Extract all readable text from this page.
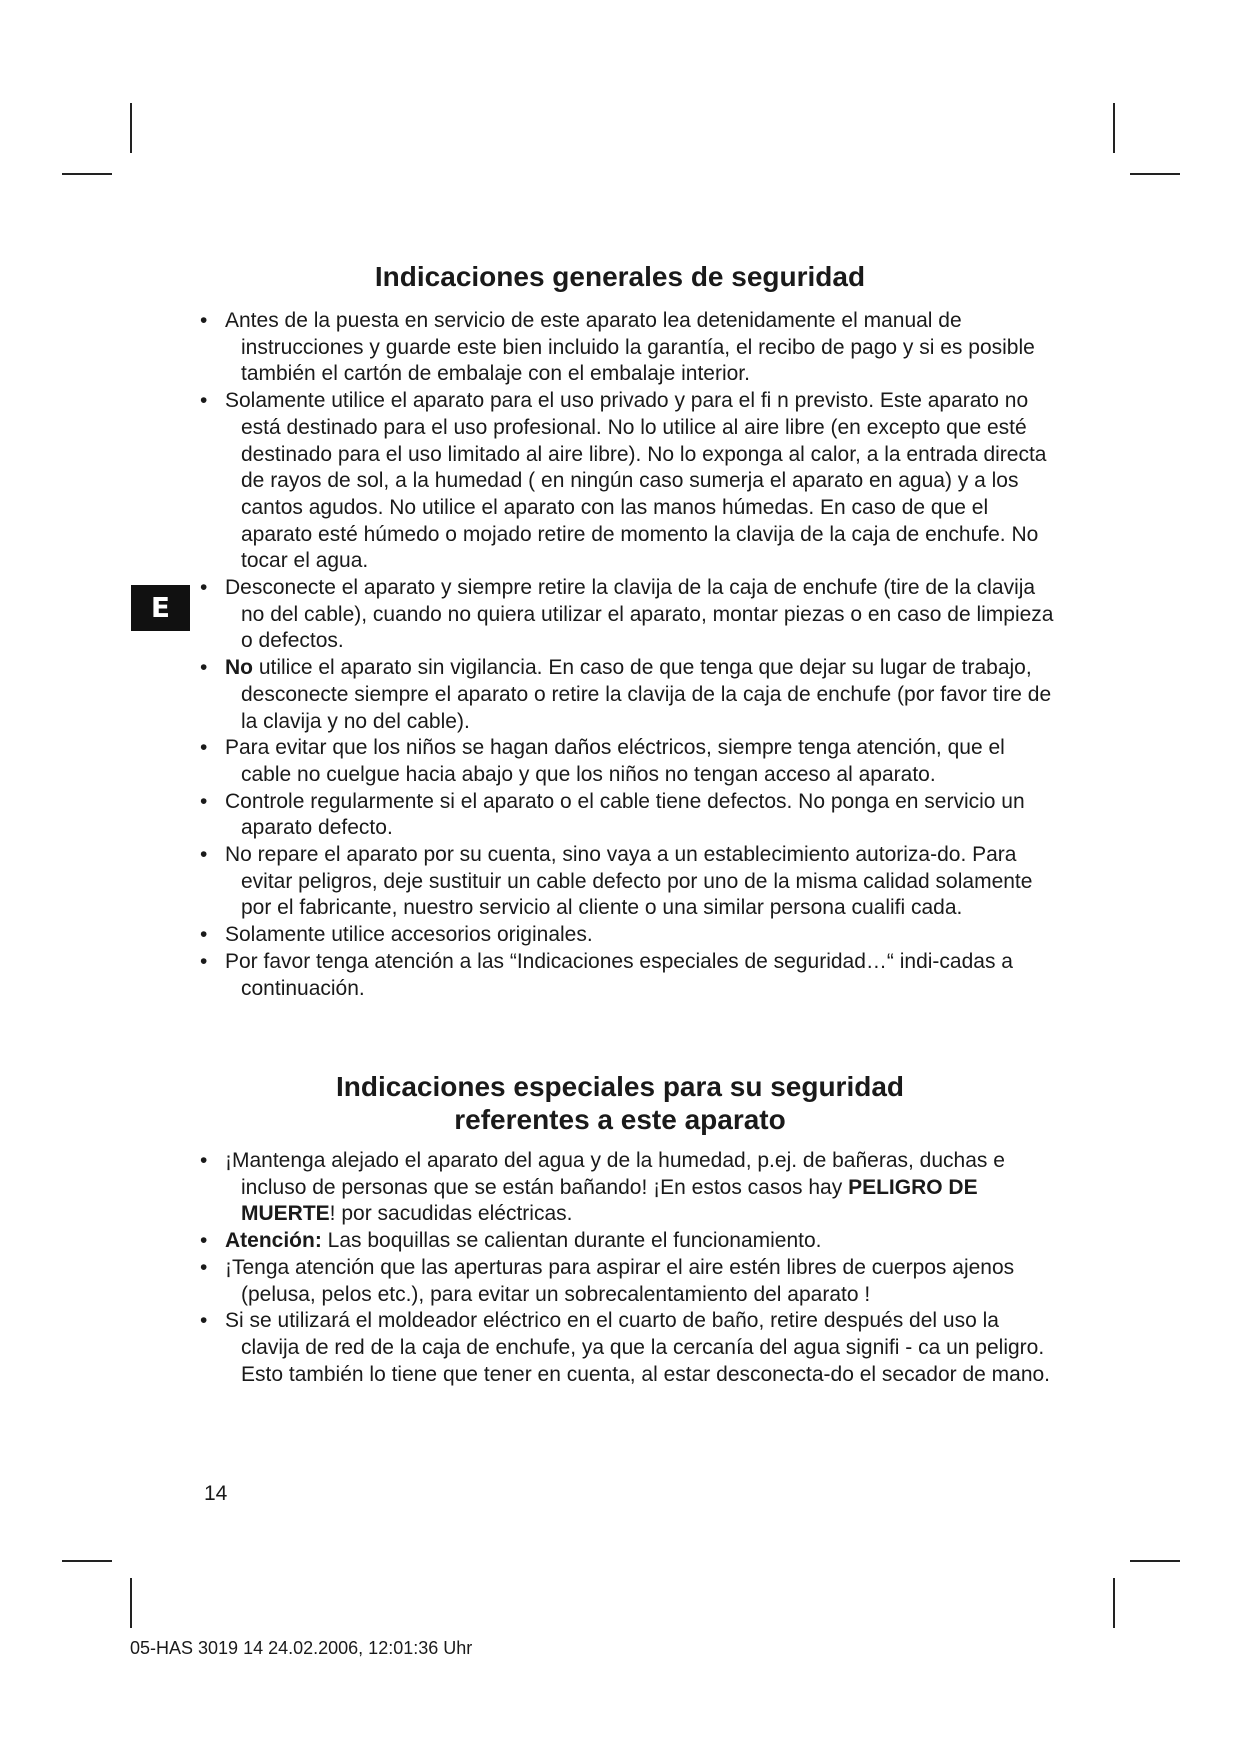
E
Indicaciones generales de seguridad
• Antes de la puesta en servicio de este aparato lea detenidamente el manual de instrucciones y guarde este bien incluido la garantía, el recibo de pago y si es posible también el cartón de embalaje con el embalaje interior.
• Solamente utilice el aparato para el uso privado y para el fi n previsto. Este aparato no está destinado para el uso profesional. No lo utilice al aire libre (en excepto que esté destinado para el uso limitado al aire libre). No lo exponga al calor, a la entrada directa de rayos de sol, a la humedad ( en ningún caso sumerja el aparato en agua) y a los cantos agudos. No utilice el aparato con las manos húmedas. En caso de que el aparato esté húmedo o mojado retire de momento la clavija de la caja de enchufe. No tocar el agua.
• Desconecte el aparato y siempre retire la clavija de la caja de enchufe (tire de la clavija no del cable), cuando no quiera utilizar el aparato, montar piezas o en caso de limpieza o defectos.
• No utilice el aparato sin vigilancia. En caso de que tenga que dejar su lugar de trabajo, desconecte siempre el aparato o retire la clavija de la caja de enchufe (por favor tire de la clavija y no del cable).
• Para evitar que los niños se hagan daños eléctricos, siempre tenga atención, que el cable no cuelgue hacia abajo y que los niños no tengan acceso al aparato.
• Controle regularmente si el aparato o el cable tiene defectos. No ponga en servicio un aparato defecto.
• No repare el aparato por su cuenta, sino vaya a un establecimiento autoriza-do. Para evitar peligros, deje sustituir un cable defecto por uno de la misma calidad solamente por el fabricante, nuestro servicio al cliente o una similar persona cualifi cada.
• Solamente utilice accesorios originales.
• Por favor tenga atención a las “Indicaciones especiales de seguridad…“ indi-cadas a continuación.
Indicaciones especiales para su seguridad
referentes a este aparato
• ¡Mantenga alejado el aparato del agua y de la humedad, p.ej. de bañeras, duchas e incluso de personas que se están bañando! ¡En estos casos hay PELIGRO DE MUERTE! por sacudidas eléctricas.
• Atención: Las boquillas se calientan durante el funcionamiento.
• ¡Tenga atención que las aperturas para aspirar el aire estén libres de cuerpos ajenos (pelusa, pelos etc.), para evitar un sobrecalentamiento del aparato !
• Si se utilizará el moldeador eléctrico en el cuarto de baño, retire después del uso la clavija de red de la caja de enchufe, ya que la cercanía del agua signifi - ca un peligro. Esto también lo tiene que tener en cuenta, al estar desconecta-do el secador de mano.
14
05-HAS 3019 14 24.02.2006, 12:01:36 Uhr
